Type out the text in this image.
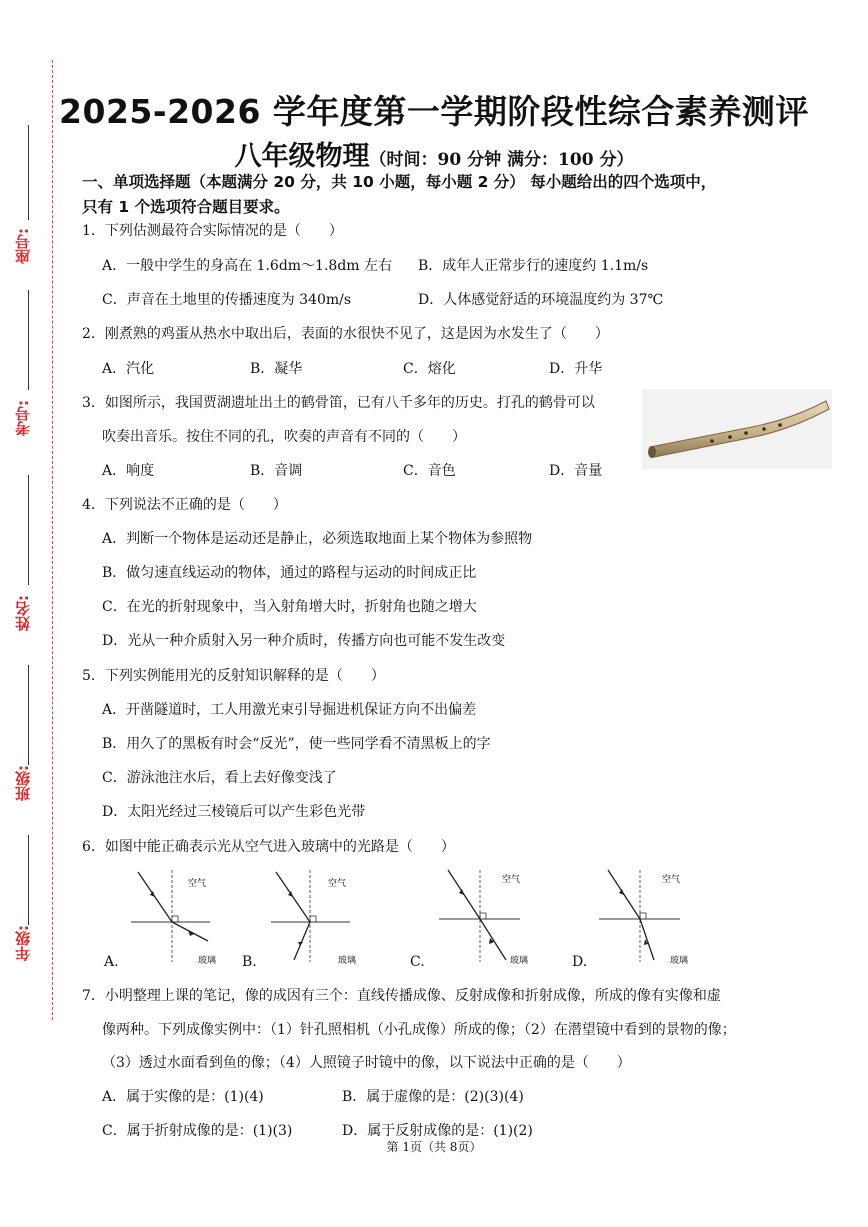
座号:
考号:
姓名:
班级:
年级:
2025-2026 学年度第一学期阶段性综合素养测评
八年级物理（时间：90 分钟 满分：100 分）
一、单项选择题（本题满分 20 分，共 10 小题，每小题 2 分） 每小题给出的四个选项中，
只有 1 个选项符合题目要求。
1．下列估测最符合实际情况的是（　　）
A．一般中学生的身高在 1.6dm～1.8dm 左右 B．成年人正常步行的速度约 1.1m/s
C．声音在土地里的传播速度为 340m/s	D．人体感觉舒适的环境温度约为 37℃
2．刚煮熟的鸡蛋从热水中取出后，表面的水很快不见了，这是因为水发生了（　　）
A．汽化	B．凝华	C．熔化	D．升华
3．如图所示，我国贾湖遗址出土的鹤骨笛，已有八千多年的历史。打孔的鹤骨可以
吹奏出音乐。按住不同的孔，吹奏的声音有不同的（　　）
A．响度	B．音调	C．音色	D．音量
4．下列说法不正确的是（　　）
A．判断一个物体是运动还是静止，必须选取地面上某个物体为参照物
B．做匀速直线运动的物体，通过的路程与运动的时间成正比
C．在光的折射现象中，当入射角增大时，折射角也随之增大
D．光从一种介质射入另一种介质时，传播方向也可能不发生改变
5．下列实例能用光的反射知识解释的是（　　）
A．开凿隧道时，工人用激光束引导掘进机保证方向不出偏差
B．用久了的黑板有时会“反光”，使一些同学看不清黑板上的字
C．游泳池注水后，看上去好像变浅了
D．太阳光经过三棱镜后可以产生彩色光带
6．如图中能正确表示光从空气进入玻璃中的光路是（　　）
空气
玻璃
A.
空气
玻璃
B.
空气
玻璃
C.
空气
玻璃
D.
7．小明整理上课的笔记，像的成因有三个：直线传播成像、反射成像和折射成像，所成的像有实像和虚
像两种。下列成像实例中：（1）针孔照相机（小孔成像）所成的像；（2）在潜望镜中看到的景物的像；
（3）透过水面看到鱼的像；（4）人照镜子时镜中的像，以下说法中正确的是（　　）
A．属于实像的是：(1)(4)	B．属于虚像的是：(2)(3)(4)
C．属于折射成像的是：(1)(3)	D．属于反射成像的是：(1)(2)
第 1页（共 8页）
